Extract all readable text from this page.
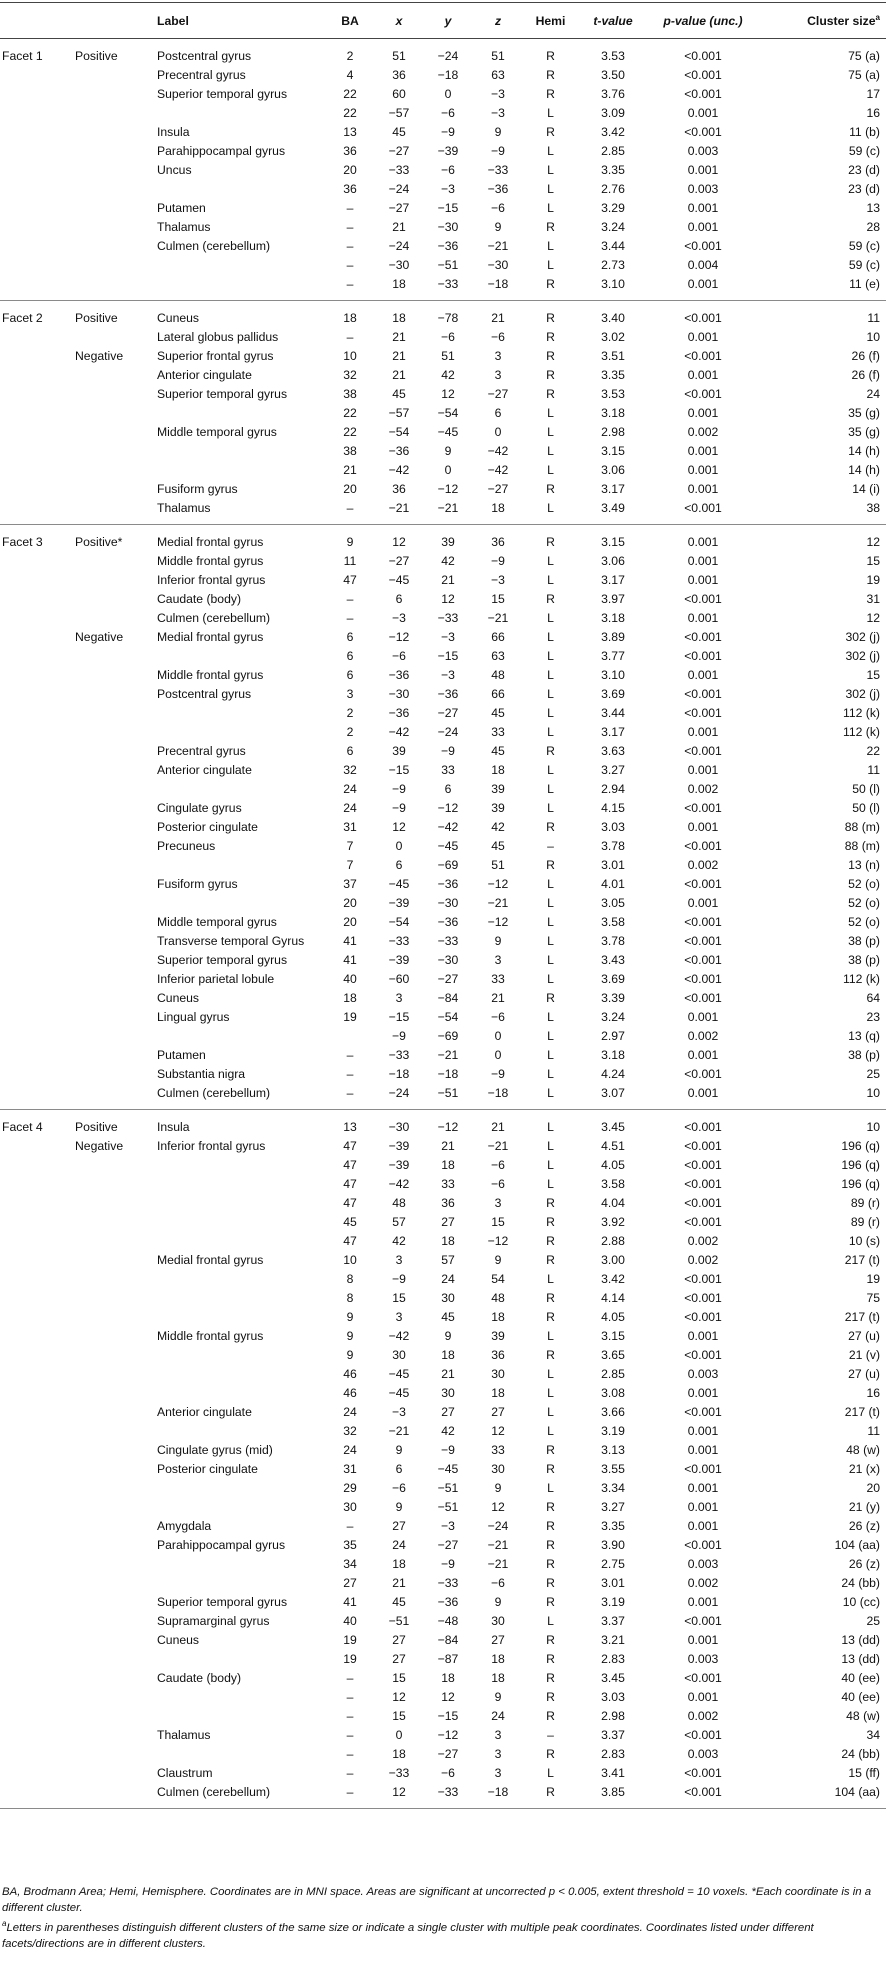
		Label	BA	x	y	z	Hemi	t-value	p-value (unc.)	Cluster size$^a$
Facet 1	Positive	Postcentral gyrus	2	51	−24	51	R	3.53	<0.001	75 (a)
		Precentral gyrus	4	36	−18	63	R	3.50	<0.001	75 (a)
		Superior temporal gyrus	22	60	0	−3	R	3.76	<0.001	17
			22	−57	−6	−3	L	3.09	0.001	16
		Insula	13	45	−9	9	R	3.42	<0.001	11 (b)
		Parahippocampal gyrus	36	−27	−39	−9	L	2.85	0.003	59 (c)
		Uncus	20	−33	−6	−33	L	3.35	0.001	23 (d)
			36	−24	−3	−36	L	2.76	0.003	23 (d)
		Putamen	–	−27	−15	−6	L	3.29	0.001	13
		Thalamus	–	21	−30	9	R	3.24	0.001	28
		Culmen (cerebellum)	–	−24	−36	−21	L	3.44	<0.001	59 (c)
			–	−30	−51	−30	L	2.73	0.004	59 (c)
			–	18	−33	−18	R	3.10	0.001	11 (e)
Facet 2	Positive	Cuneus	18	18	−78	21	R	3.40	<0.001	11
		Lateral globus pallidus	–	21	−6	−6	R	3.02	0.001	10
	Negative	Superior frontal gyrus	10	21	51	3	R	3.51	<0.001	26 (f)
		Anterior cingulate	32	21	42	3	R	3.35	0.001	26 (f)
		Superior temporal gyrus	38	45	12	−27	R	3.53	<0.001	24
			22	−57	−54	6	L	3.18	0.001	35 (g)
		Middle temporal gyrus	22	−54	−45	0	L	2.98	0.002	35 (g)
			38	−36	9	−42	L	3.15	0.001	14 (h)
			21	−42	0	−42	L	3.06	0.001	14 (h)
		Fusiform gyrus	20	36	−12	−27	R	3.17	0.001	14 (i)
		Thalamus	–	−21	−21	18	L	3.49	<0.001	38
Facet 3	Positive*	Medial frontal gyrus	9	12	39	36	R	3.15	0.001	12
		Middle frontal gyrus	11	−27	42	−9	L	3.06	0.001	15
		Inferior frontal gyrus	47	−45	21	−3	L	3.17	0.001	19
		Caudate (body)	–	6	12	15	R	3.97	<0.001	31
		Culmen (cerebellum)	–	−3	−33	−21	L	3.18	0.001	12
	Negative	Medial frontal gyrus	6	−12	−3	66	L	3.89	<0.001	302 (j)
			6	−6	−15	63	L	3.77	<0.001	302 (j)
		Middle frontal gyrus	6	−36	−3	48	L	3.10	0.001	15
		Postcentral gyrus	3	−30	−36	66	L	3.69	<0.001	302 (j)
			2	−36	−27	45	L	3.44	<0.001	112 (k)
			2	−42	−24	33	L	3.17	0.001	112 (k)
		Precentral gyrus	6	39	−9	45	R	3.63	<0.001	22
		Anterior cingulate	32	−15	33	18	L	3.27	0.001	11
			24	−9	6	39	L	2.94	0.002	50 (l)
		Cingulate gyrus	24	−9	−12	39	L	4.15	<0.001	50 (l)
		Posterior cingulate	31	12	−42	42	R	3.03	0.001	88 (m)
		Precuneus	7	0	−45	45	–	3.78	<0.001	88 (m)
			7	6	−69	51	R	3.01	0.002	13 (n)
		Fusiform gyrus	37	−45	−36	−12	L	4.01	<0.001	52 (o)
			20	−39	−30	−21	L	3.05	0.001	52 (o)
		Middle temporal gyrus	20	−54	−36	−12	L	3.58	<0.001	52 (o)
		Transverse temporal Gyrus	41	−33	−33	9	L	3.78	<0.001	38 (p)
		Superior temporal gyrus	41	−39	−30	3	L	3.43	<0.001	38 (p)
		Inferior parietal lobule	40	−60	−27	33	L	3.69	<0.001	112 (k)
		Cuneus	18	3	−84	21	R	3.39	<0.001	64
		Lingual gyrus	19	−15	−54	−6	L	3.24	0.001	23
				−9	−69	0	L	2.97	0.002	13 (q)
		Putamen	–	−33	−21	0	L	3.18	0.001	38 (p)
		Substantia nigra	–	−18	−18	−9	L	4.24	<0.001	25
		Culmen (cerebellum)	–	−24	−51	−18	L	3.07	0.001	10
Facet 4	Positive	Insula	13	−30	−12	21	L	3.45	<0.001	10
	Negative	Inferior frontal gyrus	47	−39	21	−21	L	4.51	<0.001	196 (q)
			47	−39	18	−6	L	4.05	<0.001	196 (q)
			47	−42	33	−6	L	3.58	<0.001	196 (q)
			47	48	36	3	R	4.04	<0.001	89 (r)
			45	57	27	15	R	3.92	<0.001	89 (r)
			47	42	18	−12	R	2.88	0.002	10 (s)
		Medial frontal gyrus	10	3	57	9	R	3.00	0.002	217 (t)
			8	−9	24	54	L	3.42	<0.001	19
			8	15	30	48	R	4.14	<0.001	75
			9	3	45	18	R	4.05	<0.001	217 (t)
		Middle frontal gyrus	9	−42	9	39	L	3.15	0.001	27 (u)
			9	30	18	36	R	3.65	<0.001	21 (v)
			46	−45	21	30	L	2.85	0.003	27 (u)
			46	−45	30	18	L	3.08	0.001	16
		Anterior cingulate	24	−3	27	27	L	3.66	<0.001	217 (t)
			32	−21	42	12	L	3.19	0.001	11
		Cingulate gyrus (mid)	24	9	−9	33	R	3.13	0.001	48 (w)
		Posterior cingulate	31	6	−45	30	R	3.55	<0.001	21 (x)
			29	−6	−51	9	L	3.34	0.001	20
			30	9	−51	12	R	3.27	0.001	21 (y)
		Amygdala	–	27	−3	−24	R	3.35	0.001	26 (z)
		Parahippocampal gyrus	35	24	−27	−21	R	3.90	<0.001	104 (aa)
			34	18	−9	−21	R	2.75	0.003	26 (z)
			27	21	−33	−6	R	3.01	0.002	24 (bb)
		Superior temporal gyrus	41	45	−36	9	R	3.19	0.001	10 (cc)
		Supramarginal gyrus	40	−51	−48	30	L	3.37	<0.001	25
		Cuneus	19	27	−84	27	R	3.21	0.001	13 (dd)
			19	27	−87	18	R	2.83	0.003	13 (dd)
		Caudate (body)	–	15	18	18	R	3.45	<0.001	40 (ee)
			–	12	12	9	R	3.03	0.001	40 (ee)
			–	15	−15	24	R	2.98	0.002	48 (w)
		Thalamus	–	0	−12	3	–	3.37	<0.001	34
			–	18	−27	3	R	2.83	0.003	24 (bb)
		Claustrum	–	−33	−6	3	L	3.41	<0.001	15 (ff)
		Culmen (cerebellum)	–	12	−33	−18	R	3.85	<0.001	104 (aa)

BA, Brodmann Area; Hemi, Hemisphere. Coordinates are in MNI space. Areas are significant at uncorrected p < 0.005, extent threshold = 10 voxels. *Each coordinate is in a different cluster.

$^a$Letters in parentheses distinguish different clusters of the same size or indicate a single cluster with multiple peak coordinates. Coordinates listed under different facets/directions are in different clusters.
